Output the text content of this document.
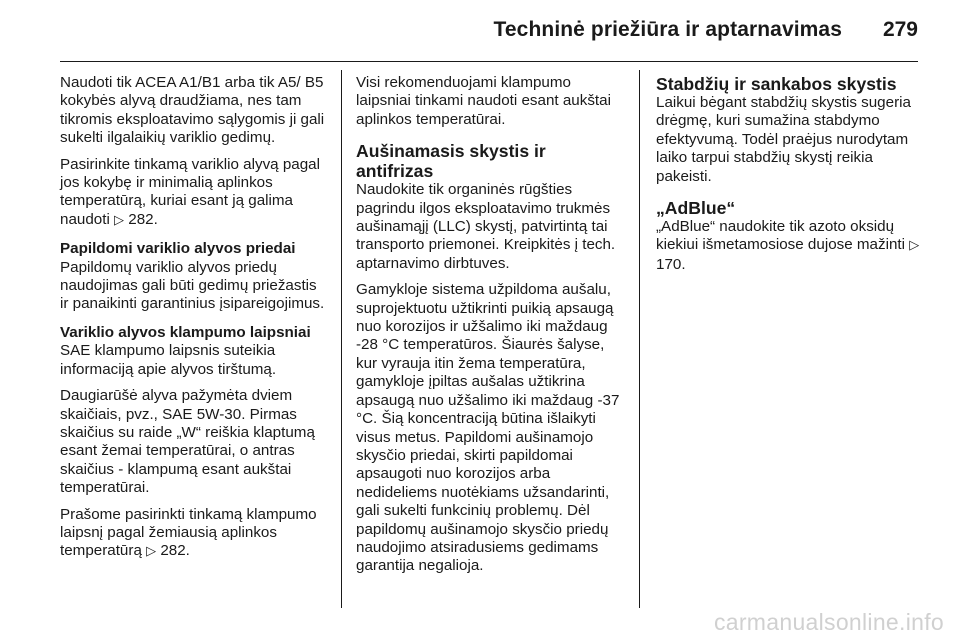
Techninė priežiūra ir aptarnavimas 279

Naudoti tik ACEA A1/B1 arba tik A5/ B5 kokybės alyvą draudžiama, nes tam tikromis eksploatavimo sąlygomis ji gali sukelti ilgalaikių variklio gedimų.

Pasirinkite tinkamą variklio alyvą pagal jos kokybę ir minimalią aplinkos temperatūrą, kuriai esant ją galima naudoti ▷ 282.

Papildomi variklio alyvos priedai

Papildomų variklio alyvos priedų naudojimas gali būti gedimų priežastis ir panaikinti garantinius įsipareigojimus.

Variklio alyvos klampumo laipsniai

SAE klampumo laipsnis suteikia informaciją apie alyvos tirštumą.

Daugiarūšė alyva pažymėta dviem skaičiais, pvz., SAE 5W-30. Pirmas skaičius su raide „W“ reiškia klaptumą esant žemai temperatūrai, o antras skaičius - klampumą esant aukštai temperatūrai.

Prašome pasirinkti tinkamą klampumo laipsnį pagal žemiausią aplinkos temperatūrą ▷ 282.

Visi rekomenduojami klampumo laipsniai tinkami naudoti esant aukštai aplinkos temperatūrai.

Aušinamasis skystis ir antifrizas

Naudokite tik organinės rūgšties pagrindu ilgos eksploatavimo trukmės aušinamąjį (LLC) skystį, patvirtintą tai transporto priemonei. Kreipkitės į tech. aptarnavimo dirbtuves.

Gamykloje sistema užpildoma aušalu, suprojektuotu užtikrinti puikią apsaugą nuo korozijos ir užšalimo iki maždaug -28 °C temperatūros. Šiaurės šalyse, kur vyrauja itin žema temperatūra, gamykloje įpiltas aušalas užtikrina apsaugą nuo užšalimo iki maždaug -37 °C. Šią koncentraciją būtina išlaikyti visus metus. Papildomi aušinamojo skysčio priedai, skirti papildomai apsaugoti nuo korozijos arba nedideliems nuotėkiams užsandarinti, gali sukelti funkcinių problemų. Dėl papildomų aušinamojo skysčio priedų naudojimo atsiradusiems gedimams garantija negalioja.

Stabdžių ir sankabos skystis

Laikui bėgant stabdžių skystis sugeria drėgmę, kuri sumažina stabdymo efektyvumą. Todėl praėjus nurodytam laiko tarpui stabdžių skystį reikia pakeisti.

„AdBlue“

„AdBlue“ naudokite tik azoto oksidų kiekiui išmetamosiose dujose mažinti ▷ 170.

carmanualsonline.info
